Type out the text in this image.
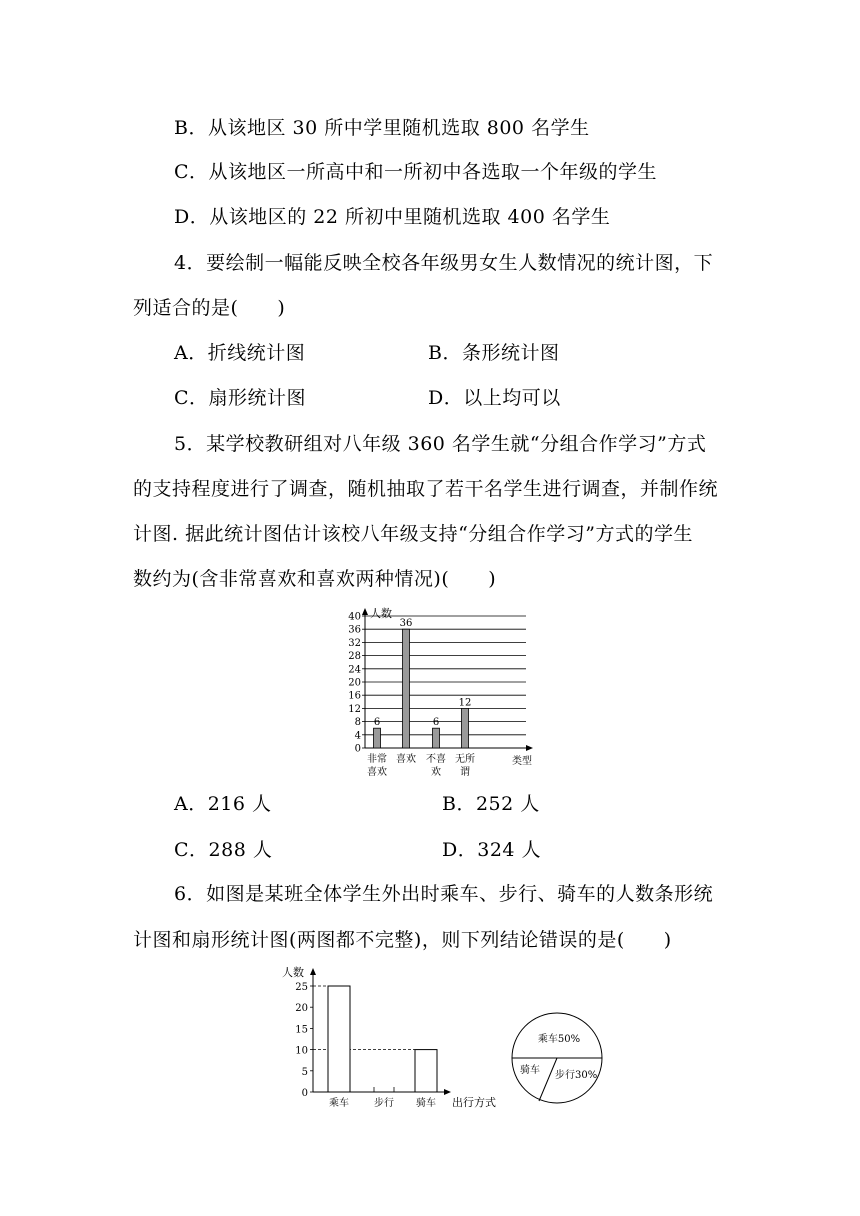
B．从该地区 30 所中学里随机选取 800 名学生
C．从该地区一所高中和一所初中各选取一个年级的学生
D．从该地区的 22 所初中里随机选取 400 名学生
4．要绘制一幅能反映全校各年级男女生人数情况的统计图，下
列适合的是(　　)
A．折线统计图	B．条形统计图
C．扇形统计图	D．以上均可以
5．某学校教研组对八年级 360 名学生就“分组合作学习”方式
的支持程度进行了调查，随机抽取了若干名学生进行调查，并制作统
计图. 据此统计图估计该校八年级支持“分组合作学习”方式的学生
数约为(含非常喜欢和喜欢两种情况)(　　)
0
4
8
12
16
20
24
28
32
36
40 人数
类型
6
非常
喜欢
36
喜欢
6
不喜
欢
12
无所
谓
A．216 人	B．252 人
C．288 人	D．324 人
6．如图是某班全体学生外出时乘车、步行、骑车的人数条形统
计图和扇形统计图(两图都不完整)，则下列结论错误的是(　　)
人数
出行方式
0
5
10
15
20
25
乘车	步行 骑车
乘车50%
骑车 步行30%
